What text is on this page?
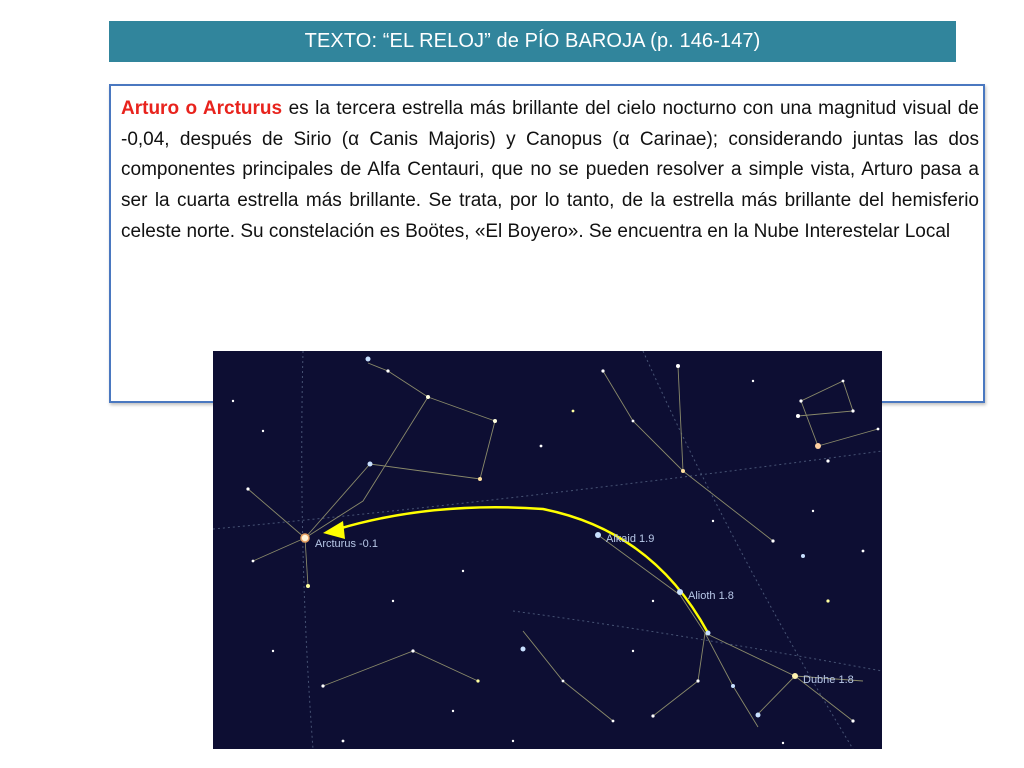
TEXTO: “EL RELOJ” de PÍO BAROJA (p. 146-147)

Arturo o Arcturus es la tercera estrella más brillante del cielo nocturno con una magnitud visual de -0,04, después de Sirio (α Canis Majoris) y Canopus (α Carinae); considerando juntas las dos componentes principales de Alfa Centauri, que no se pueden resolver a simple vista, Arturo pasa a ser la cuarta estrella más brillante. Se trata, por lo tanto, de la estrella más brillante del hemisferio celeste norte. Su constelación es Boötes, «El Boyero». Se encuentra en la Nube Interestelar Local

Arcturus -0.1	Alkaid 1.9
Alioth 1.8
Dubhe 1.8
